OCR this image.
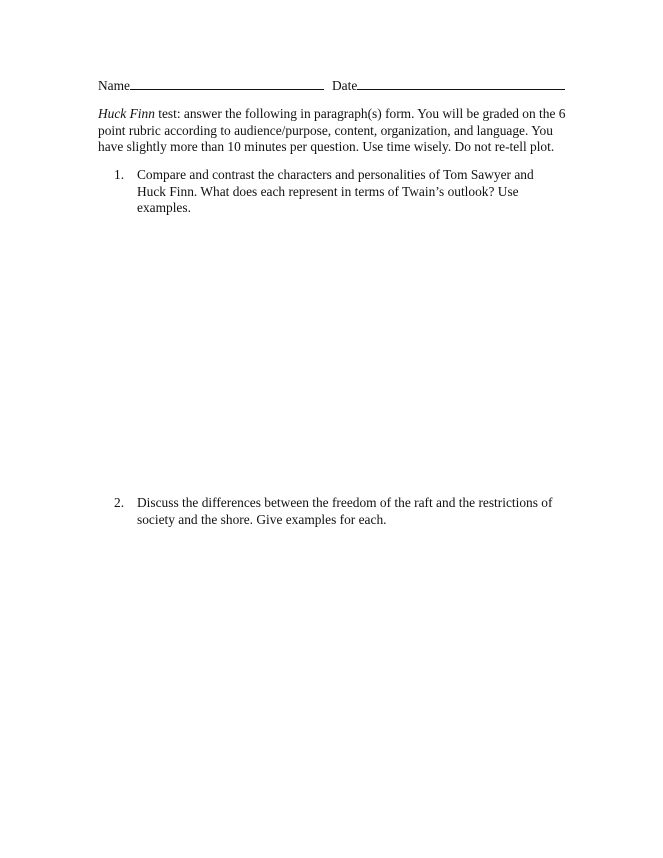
Name	Date
Huck Finn test: answer the following in paragraph(s) form. You will be graded on the 6 point rubric according to audience/purpose, content, organization, and language. You have slightly more than 10 minutes per question. Use time wisely. Do not re-tell plot.
1. Compare and contrast the characters and personalities of Tom Sawyer and Huck Finn. What does each represent in terms of Twain’s outlook? Use examples.
2. Discuss the differences between the freedom of the raft and the restrictions of society and the shore. Give examples for each.
